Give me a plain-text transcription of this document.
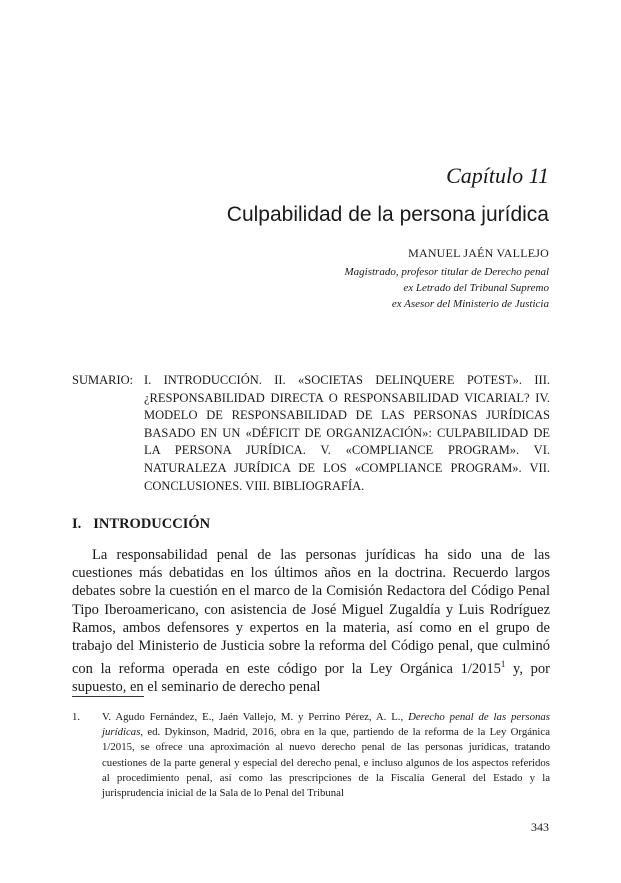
Capítulo 11
Culpabilidad de la persona jurídica
MANUEL JAÉN VALLEJO
Magistrado, profesor titular de Derecho penal
ex Letrado del Tribunal Supremo
ex Asesor del Ministerio de Justicia
SUMARIO: I. INTRODUCCIÓN. II. «SOCIETAS DELINQUERE POTEST». III. ¿RESPONSABILIDAD DIRECTA O RESPONSABILIDAD VICARIAL? IV. MODELO DE RESPONSABILIDAD DE LAS PERSONAS JURÍDICAS BASADO EN UN «DÉFICIT DE ORGANIZACIÓN»: CULPABILIDAD DE LA PERSONA JURÍDICA. V. «COMPLIANCE PROGRAM». VI. NATURALEZA JURÍDICA DE LOS «COMPLIANCE PROGRAM». VII. CONCLUSIONES. VIII. BIBLIOGRAFÍA.
I. INTRODUCCIÓN

La responsabilidad penal de las personas jurídicas ha sido una de las cuestiones más debatidas en los últimos años en la doctrina. Recuerdo largos debates sobre la cuestión en el marco de la Comisión Redactora del Código Penal Tipo Iberoamericano, con asistencia de José Miguel Zugaldía y Luis Rodríguez Ramos, ambos defensores y expertos en la materia, así como en el grupo de trabajo del Ministerio de Justicia sobre la reforma del Código penal, que culminó con la reforma operada en este código por la Ley Orgánica 1/2015$^1$ y, por supuesto, en el seminario de derecho penal

1.	V. Agudo Fernández, E., Jaén Vallejo, M. y Perrino Pérez, A. L., Derecho penal de las personas jurídicas, ed. Dykinson, Madrid, 2016, obra en la que, partiendo de la reforma de la Ley Orgánica 1/2015, se ofrece una aproximación al nuevo derecho penal de las personas jurídicas, tratando cuestiones de la parte general y especial del derecho penal, e incluso algunos de los aspectos referidos al procedimiento penal, así como las prescripciones de la Fiscalía General del Estado y la jurisprudencia inicial de la Sala de lo Penal del Tribunal
343
